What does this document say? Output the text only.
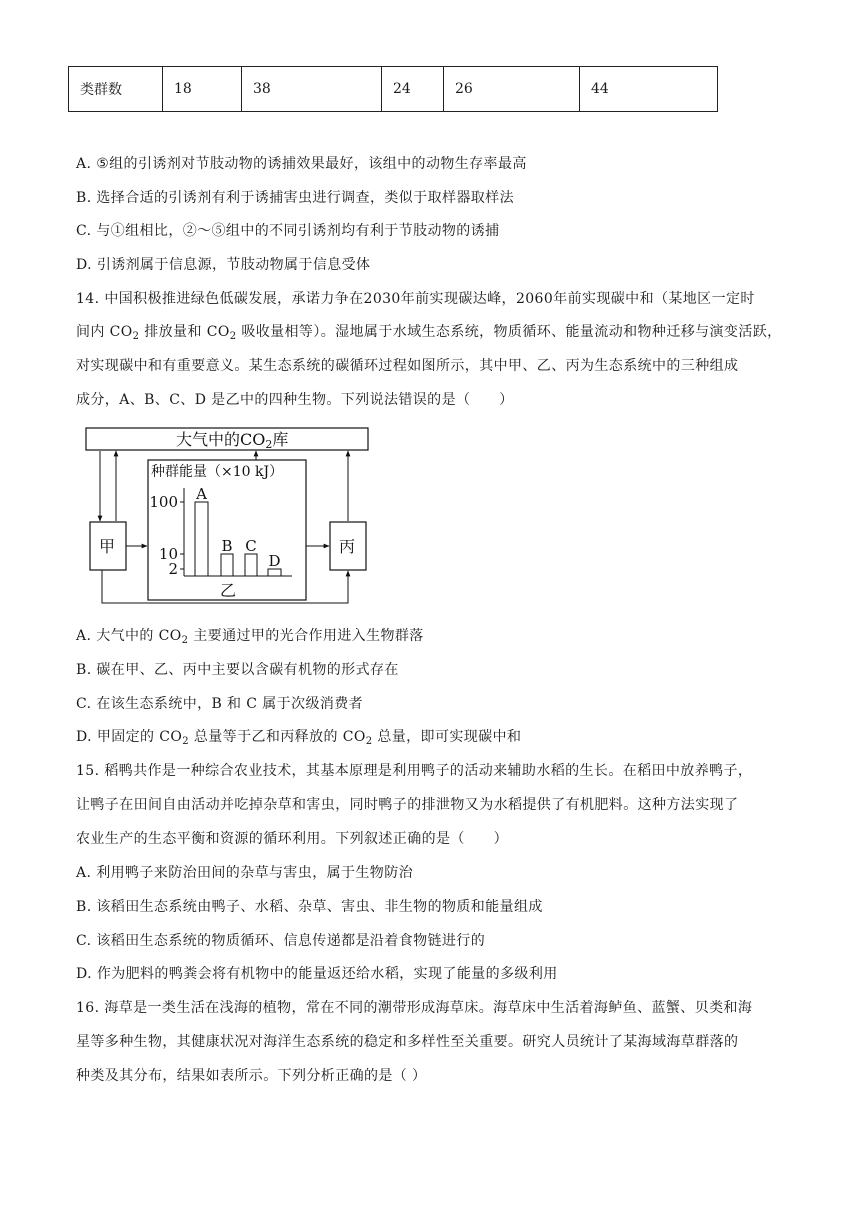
类群数	18	38	24	26	44
A. ⑤组的引诱剂对节肢动物的诱捕效果最好，该组中的动物生存率最高
B. 选择合适的引诱剂有利于诱捕害虫进行调查，类似于取样器取样法
C. 与①组相比，②～⑤组中的不同引诱剂均有利于节肢动物的诱捕
D. 引诱剂属于信息源，节肢动物属于信息受体
14. 中国积极推进绿色低碳发展，承诺力争在2030年前实现碳达峰，2060年前实现碳中和（某地区一定时
间内 $CO_2$ 排放量和 $CO_2$ 吸收量相等）。湿地属于水域生态系统，物质循环、能量流动和物种迁移与演变活跃，
对实现碳中和有重要意义。某生态系统的碳循环过程如图所示，其中甲、乙、丙为生态系统中的三种组成
成分，A、B、C、D 是乙中的四种生物。下列说法错误的是（　　）
大气中的CO2库
甲	丙
种群能量（×10 kJ）
100
10
2
A
B C
D
乙
A. 大气中的 $CO_2$ 主要通过甲的光合作用进入生物群落
B. 碳在甲、乙、丙中主要以含碳有机物的形式存在
C. 在该生态系统中，B 和 C 属于次级消费者
D. 甲固定的 $CO_2$ 总量等于乙和丙释放的 $CO_2$ 总量，即可实现碳中和
15. 稻鸭共作是一种综合农业技术，其基本原理是利用鸭子的活动来辅助水稻的生长。在稻田中放养鸭子，
让鸭子在田间自由活动并吃掉杂草和害虫，同时鸭子的排泄物又为水稻提供了有机肥料。这种方法实现了
农业生产的生态平衡和资源的循环利用。下列叙述正确的是（　　）
A. 利用鸭子来防治田间的杂草与害虫，属于生物防治
B. 该稻田生态系统由鸭子、水稻、杂草、害虫、非生物的物质和能量组成
C. 该稻田生态系统的物质循环、信息传递都是沿着食物链进行的
D. 作为肥料的鸭粪会将有机物中的能量返还给水稻，实现了能量的多级利用
16. 海草是一类生活在浅海的植物，常在不同的潮带形成海草床。海草床中生活着海鲈鱼、蓝蟹、贝类和海
星等多种生物，其健康状况对海洋生态系统的稳定和多样性至关重要。研究人员统计了某海域海草群落的
种类及其分布，结果如表所示。下列分析正确的是（ ）
